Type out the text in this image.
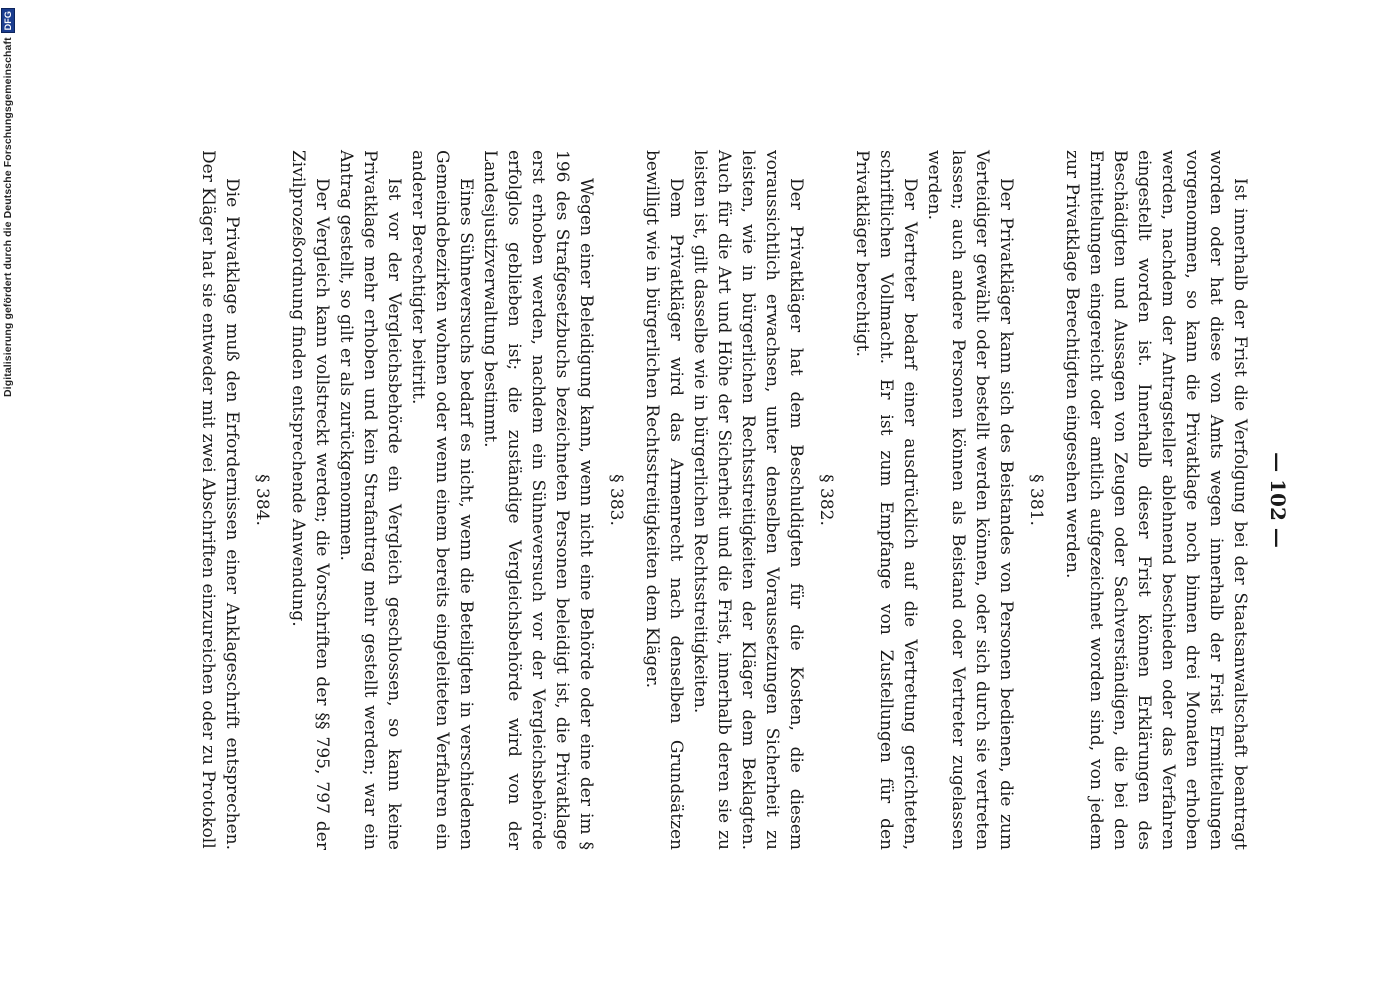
Digitalisierung gefördert durch die Deutsche Forschungsgemeinschaft
DFG
— 102 —

Ist innerhalb der Frist die Verfolgung bei der Staatsanwaltschaft beantragt worden oder hat diese von Amts wegen innerhalb der Frist Ermittelungen vorgenommen, so kann die Privatklage noch binnen drei Monaten erhoben werden, nachdem der Antragsteller ablehnend beschieden oder das Verfahren eingestellt worden ist. Innerhalb dieser Frist können Erklärungen des Beschädigten und Aussagen von Zeugen oder Sachverständigen, die bei den Ermittelungen eingereicht oder amtlich aufgezeichnet worden sind, von jedem zur Privatklage Berechtigten eingesehen werden.

§ 381.

Der Privatkläger kann sich des Beistandes von Personen bedienen, die zum Verteidiger gewählt oder bestellt werden können, oder sich durch sie vertreten lassen; auch andere Personen können als Beistand oder Vertreter zugelassen werden.

Der Vertreter bedarf einer ausdrücklich auf die Vertretung gerichteten, schriftlichen Vollmacht. Er ist zum Empfange von Zustellungen für den Privatkläger berechtigt.

§ 382.

Der Privatkläger hat dem Beschuldigten für die Kosten, die diesem voraussichtlich erwachsen, unter denselben Voraussetzungen Sicherheit zu leisten, wie in bürgerlichen Rechtsstreitigkeiten der Kläger dem Beklagten. Auch für die Art und Höhe der Sicherheit und die Frist, innerhalb deren sie zu leisten ist, gilt dasselbe wie in bürgerlichen Rechtsstreitigkeiten.

Dem Privatkläger wird das Armenrecht nach denselben Grundsätzen bewilligt wie in bürgerlichen Rechtsstreitigkeiten dem Kläger.

§ 383.

Wegen einer Beleidigung kann, wenn nicht eine Behörde oder eine der im § 196 des Strafgesetzbuchs bezeichneten Personen beleidigt ist, die Privatklage erst erhoben werden, nachdem ein Sühneversuch vor der Vergleichsbehörde erfolglos geblieben ist; die zuständige Vergleichsbehörde wird von der Landesjustizverwaltung bestimmt.

Eines Sühneversuchs bedarf es nicht, wenn die Beteiligten in verschiedenen Gemeindebezirken wohnen oder wenn einem bereits eingeleiteten Verfahren ein anderer Berechtigter beitritt.

Ist vor der Vergleichsbehörde ein Vergleich geschlossen, so kann keine Privatklage mehr erhoben und kein Strafantrag mehr gestellt werden; war ein Antrag gestellt, so gilt er als zurückgenommen.

Der Vergleich kann vollstreckt werden; die Vorschriften der §§ 795, 797 der Zivilprozeßordnung finden entsprechende Anwendung.

§ 384.

Die Privatklage muß den Erfordernissen einer Anklageschrift entsprechen. Der Kläger hat sie entweder mit zwei Abschriften einzureichen oder zu Protokoll
